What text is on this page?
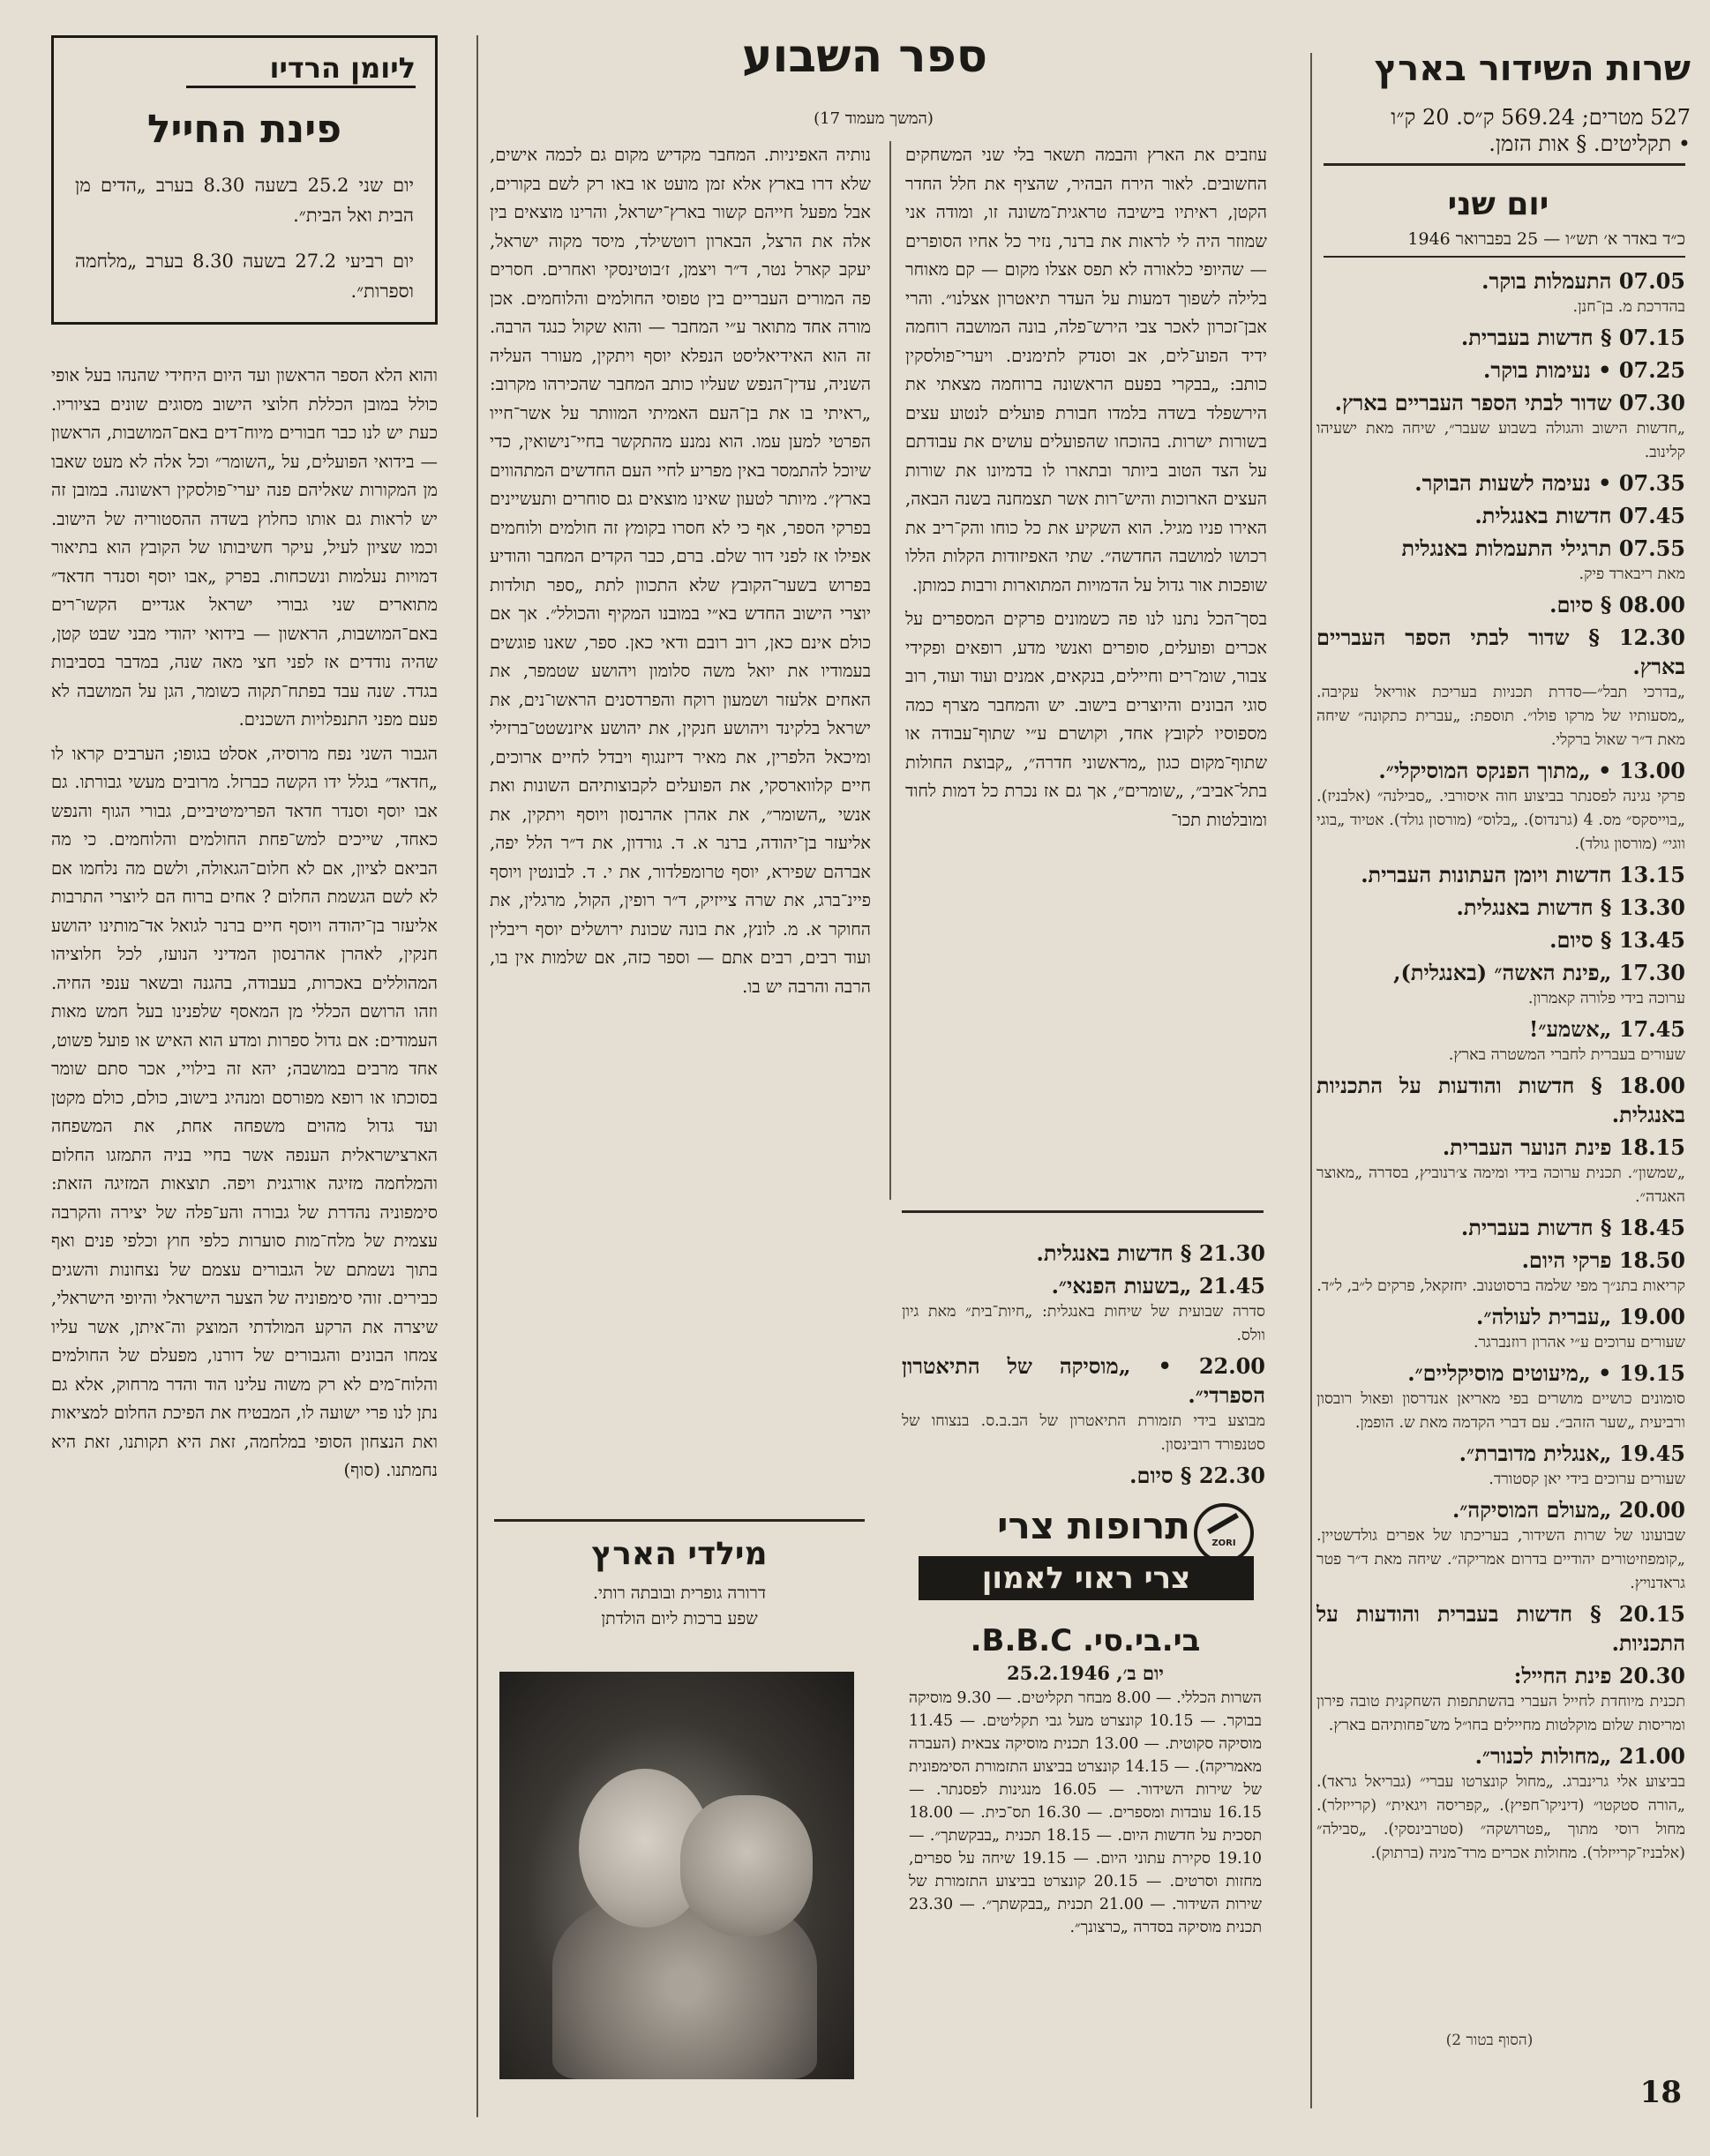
שרות השידור בארץ
527 מטרים; 569.24 ק״ס. 20 ק״ו
• תקליטים. § אות הזמן.
יום שני
כ״ד באדר א׳ תש״ו — 25 בפברואר 1946

07.05 התעמלות בוקר.

בהדרכת מ. בן־חנן.

07.15 § חדשות בעברית.

07.25 • נעימות בוקר.

07.30 שדור לבתי הספר העבריים בארץ.

„חדשות הישוב והגולה בשבוע שעבר״, שיחה מאת ישעיהו קלינוב.

07.35 • נעימה לשעות הבוקר.

07.45 חדשות באנגלית.

07.55 תרגילי התעמלות באנגלית

מאת ריבארד פיק.

08.00 § סיום.

12.30 § שדור לבתי הספר העבריים בארץ.

„בדרכי תבל״—סדרת תכניות בעריכת אוריאל עקיבה. „מסעותיו של מרקו פולו״. תוספת: „עברית כתקונה״ שיחה מאת ד״ר שאול ברקלי.

13.00 • „מתוך הפנקס המוסיקלי״.

פרקי נגינה לפסנתר בביצוע חוה איסורבי. „סבילנה״ (אלבניז). „בוייסקס״ מס. 4 (גרנדוס). „בלוס״ (מורסון גולד). אטיוד „בוגי ווגי״ (מורסון גולד).

13.15 חדשות ויומן העתונות העברית.

13.30 § חדשות באנגלית.

13.45 § סיום.

17.30 „פינת האשה״ (באנגלית),

ערוכה בידי פלורה קאמרון.

17.45 „אשמע״!

שעורים בעברית לחברי המשטרה בארץ.

18.00 § חדשות והודעות על התכניות באנגלית.

18.15 פינת הנוער העברית.

„שמשון״. תכנית ערוכה בידי ומימה צ׳רנוביץ, בסדרה „מאוצר האגדה״.

18.45 § חדשות בעברית.

18.50 פרקי היום.

קריאות בתנ״ך מפי שלמה ברסוטנוב. יחזקאל, פרקים ל״ב, ל״ד.

19.00 „עברית לעולה״.

שעורים ערוכים ע״י אהרון רוזנברגר.

19.15 • „מיעוטים מוסיקליים״.

סומונים כושיים מושרים בפי מאריאן אנדרסון ופאול רובסון ורביעית „שער הזהב״. עם דברי הקדמה מאת ש. הופמן.

19.45 „אנגלית מדוברת״.

שעורים ערוכים בידי יאן קסטורד.

20.00 „מעולם המוסיקה״.

שבועונו של שרות השידור, בעריכתו של אפרים גולדשטיין. „קומפוזיטורים יהודיים בדרום אמריקה״. שיחה מאת ד״ר פטר גראדנויץ.

20.15 § חדשות בעברית והודעות על התכניות.

20.30 פינת החייל:

תכנית מיוחדת לחייל העברי בהשתתפות השחקנית טובה פירון ומריסות שלום מוקלטות מחיילים בחו״ל מש־פחותיהם בארץ.

21.00 „מחולות לכנור״.

בביצוע אלי גרינברג. „מחול קונצרטו עברי״ (גבריאל גראד). „הורה סטקטו״ (דיניקו־חפיץ). „קפריסה ויגאית״ (קרייזלר). מחול רוסי מתוך „פטרושקה״ (סטרבינסקי). „סבילה״ (אלבניז־קרייזלר). מחולות אכרים מרד־מניה (ברתוק).

(הסוף בטור 2)
18
ספר השבוע
(המשך מעמוד 17)

עוזבים את הארץ והבמה תשאר בלי שני המשחקים החשובים. לאור הירח הבהיר, שהציף את חלל החדר הקטן, ראיתיו בישיבה טראגית־משונה זו, ומודה אני שמוזר היה לי לראות את ברנר, נזיר כל אחיו הסופרים — שהיופי כלאורה לא תפס אצלו מקום — קם מאוחר בלילה לשפוך דמעות על העדר תיאטרון אצלנו״. והרי אבן־זכרון לאכר צבי הירש־פלה, בונה המושבה רוחמה ידיד הפוע־לים, אב וסנדק לתימנים. ויערי־פולסקין כותב: „בבקרי בפעם הראשונה ברוחמה מצאתי את הירשפלד בשדה בלמדו חבורת פועלים לנטוע עצים בשורות ישרות. בהוכחו שהפועלים עושים את עבודתם על הצד הטוב ביותר ובתארו לו בדמיונו את שורות העצים הארוכות והיש־רות אשר תצמחנה בשנה הבאה, האירו פניו מגיל. הוא השקיע את כל כוחו והק־ריב את רכושו למושבה החדשה״. שתי האפיזודות הקלות הללו שופכות אור גדול על הדמויות המתוארות ורבות כמותן.

בסך־הכל נתנו לנו פה כשמונים פרקים המספרים על אכרים ופועלים, סופרים ואנשי מדע, רופאים ופקידי צבור, שומ־רים וחיילים, בנקאים, אמנים ועוד ועוד, רוב סוגי הבונים והיוצרים בישוב. יש והמחבר מצרף כמה מספוסיו לקובץ אחד, וקושרם ע״י שתוף־עבודה או שתוף־מקום כגון „מראשוני חדרה״, „קבוצת החולות בתל־אביב״, „שומרים״, אך גם אז נכרת כל דמות לחוד ומובלטות תכו־

נותיה האפיניות. המחבר מקדיש מקום גם לכמה אישים, שלא דרו בארץ אלא זמן מועט או באו רק לשם בקורים, אבל מפעל חייהם קשור בארץ־ישראל, והרינו מוצאים בין אלה את הרצל, הבארון רוטשילד, מיסד מקוה ישראל, יעקב קארל נטר, ד״ר ויצמן, ז׳בוטינסקי ואחרים. חסרים פה המורים העבריים בין טפוסי החולמים והלוחמים. אכן מורה אחד מתואר ע״י המחבר — והוא שקול כנגד הרבה. זה הוא האידיאליסט הנפלא יוסף ויתקין, מעורר העליה השניה, עדין־הנפש שעליו כותב המחבר שהכירהו מקרוב: „ראיתי בו את בן־העם האמיתי המוותר על אשר־חייו הפרטי למען עמו. הוא נמנע מהתקשר בחיי־נישואין, כדי שיוכל להתמסר באין מפריע לחיי העם החדשים המתהווים בארץ״. מיותר לטעון שאינו מוצאים גם סוחרים ותעשיינים בפרקי הספר, אף כי לא חסרו בקומץ זה חולמים ולוחמים אפילו אז לפני דור שלם. ברם, כבר הקדים המחבר והודיע בפרוש בשער־הקובץ שלא התכוון לתת „ספר תולדות יוצרי הישוב החדש בא״י במובנו המקיף והכולל״. אך אם כולם אינם כאן, רוב רובם ודאי כאן. ספר, שאנו פוגשים בעמודיו את יואל משה סלומון ויהושע שטמפר, את האחים אלעזר ושמעון רוקח והפרדסנים הראשו־נים, את ישראל בלקינד ויהושע חנקין, את יהושע איזנשטט־ברזילי ומיכאל הלפרין, את מאיר דיזנגוף ויבדל לחיים ארוכים, חיים קלווארסקי, את הפועלים לקבוצותיהם השונות ואת אנשי „השומר״, את אהרן אהרנסון ויוסף ויתקין, את אליעזר בן־יהודה, ברנר א. ד. גורדון, את ד״ר הלל יפה, אברהם שפירא, יוסף טרומפלדור, את י. ד. לבונטין ויוסף פיינ־ברג, את שרה צייזיק, ד״ר רופין, הקול, מרגלין, את החוקר א. מ. לונץ, את בונה שכונת ירושלים יוסף ריבלין ועוד רבים, רבים אתם — וספר כזה, אם שלמות אין בו, הרבה והרבה יש בו.

21.30 § חדשות באנגלית.

21.45 „בשעות הפנאי״.

סדרה שבועית של שיחות באנגלית: „חיות־בית״ מאת גיון וולס.

22.00 • „מוסיקה של התיאטרון הספרדי״.

מבוצע בידי תזמורת התיאטרון של הב.ב.ס. בנצוחו של סטנפורד רובינסון.

22.30 § סיום.

ZORI
תרופות צרי
צרי ראוי לאמון
בי.בי.סי. B.B.C.
יום ב׳, 25.2.1946

השרות הכללי. — 8.00 מבחר תקליטים. — 9.30 מוסיקה בבוקר. — 10.15 קונצרט מעל גבי תקליטים. — 11.45 מוסיקה סקוטית. — 13.00 תכנית מוסיקה צבאית (העברה מאמריקה). — 14.15 קונצרט בביצוע התזמורת הסימפונית של שירות השידור. — 16.05 מנגינות לפסנתר. — 16.15 עובדות ומספרים. — 16.30 תס־כית. — 18.00 תסכית על חדשות היום. — 18.15 תכנית „בבקשתך״. — 19.10 סקירת עתוני היום. — 19.15 שיחה על ספרים, מחזות וסרטים. — 20.15 קונצרט בביצוע התזמורת של שירות השידור. — 21.00 תכנית „בבקשתך״. — 23.30 תכנית מוסיקה בסדרה „כרצונך״.

מילדי הארץ
דרורה גופרית ובובתה רותי.
שפע ברכות ליום הולדתן
ליומן הרדיו
פינת החייל
יום שני 25.2 בשעה 8.30 בערב „הדים מן הבית ואל הבית״.
יום רביעי 27.2 בשעה 8.30 בערב „מלחמה וספרות״.

והוא הלא הספר הראשון ועד היום היחידי שהנהו בעל אופי כולל במובן הכללת חלוצי הישוב מסוגים שונים בציוריו. כעת יש לנו כבר חבורים מיוח־דים באם־המושבות, הראשון — בידואי הפועלים, על „השומר״ וכל אלה לא מעט שאבו מן המקורות שאליהם פנה יערי־פולסקין ראשונה. במובן זה יש לראות גם אותו כחלוץ בשדה ההסטוריה של הישוב. וכמו שציון לעיל, עיקר חשיבותו של הקובץ הוא בתיאור דמויות נעלמות ונשכחות. בפרק „אבו יוסף וסנדר חדאד״ מתוארים שני גבורי ישראל אגדיים הקשו־רים באם־המושבות, הראשון — בידואי יהודי מבני שבט קטן, שהיה נודדים אז לפני חצי מאה שנה, במדבר בסביבות בגדד. שנה עבד בפתח־תקוה כשומר, הגן על המושבה לא פעם מפני התנפלויות השכנים.

הגבור השני נפח מרוסיה, אסלט בגופו; הערבים קראו לו „חדאד״ בגלל ידו הקשה כברזל. מרובים מעשי גבורתו. גם אבו יוסף וסנדר חדאד הפרימיטיביים, גבורי הגוף והנפש כאחד, שייכים למש־פחת החולמים והלוחמים. כי מה הביאם לציון, אם לא חלום־הגאולה, ולשם מה נלחמו אם לא לשם הגשמת החלום ? אחים ברוח הם ליוצרי התרבות אליעזר בן־יהודה ויוסף חיים ברנר לגואל אד־מותינו יהושע חנקין, לאהרן אהרנסון המדיני הנועז, לכל חלוציהו המהוללים באכרות, בעבודה, בהגנה ובשאר ענפי החיה. וזהו הרושם הכללי מן המאסף שלפנינו בעל חמש מאות העמודים: אם גדול ספרות ומדע הוא האיש או פועל פשוט, אחד מרבים במושבה; יהא זה בילויי, אכר סתם שומר בסוכתו או רופא מפורסם ומנהיג בישוב, כולם, כולם מקטן ועד גדול מהוים משפחה אחת, את המשפחה הארצישראלית הענפה אשר בחיי בניה התמזגו החלום והמלחמה מזיגה אורגנית ויפה. תוצאות המזיגה הזאת: סימפוניה נהדרת של גבורה והע־פלה של יצירה והקרבה עצמית של מלח־מות סוערות כלפי חוץ וכלפי פנים ואף בתוך נשמתם של הגבורים עצמם של נצחונות והשגים כבירים. זוהי סימפוניה של הצער הישראלי והיופי הישראלי, שיצרה את הרקע המולדתי המוצק וה־איתן, אשר עליו צמחו הבונים והגבורים של דורנו, מפעלם של החולמים והלוח־מים לא רק משוה עלינו הוד והדר מרחוק, אלא גם נתן לנו פרי ישועה לו, המבטיח את הפיכת החלום למציאות ואת הנצחון הסופי במלחמה, זאת היא תקותנו, זאת היא נחמתנו. (סוף)
